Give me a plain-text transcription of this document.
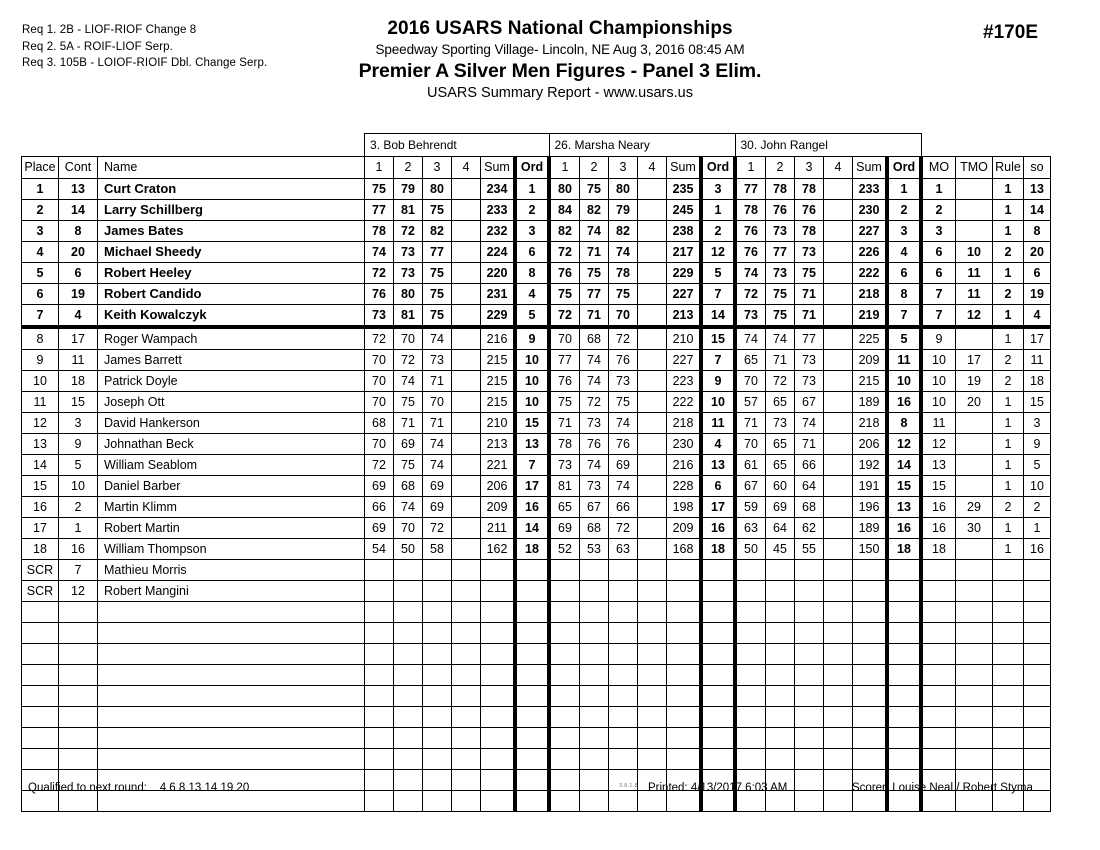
Req 1. 2B - LIOF-RIOF Change 8
Req 2. 5A - ROIF-LIOF Serp.
Req 3. 105B - LOIOF-RIOIF Dbl. Change Serp.
2016 USARS National Championships
Speedway Sporting Village- Lincoln, NE Aug 3, 2016 08:45 AM
Premier A Silver Men Figures - Panel 3 Elim.
USARS Summary Report - www.usars.us
#170E
			3. Bob Behrendt						26. Marsha Neary						30. John Rangel									
Place	Cont	Name	1	2	3	4	Sum	Ord	1	2	3	4	Sum	Ord	1	2	3	4	Sum	Ord	MO	TMO	Rule	so
1	13	Curt Craton	75	79	80		234	1	80	75	80		235	3	77	78	78		233	1	1		1	13
2	14	Larry Schillberg	77	81	75		233	2	84	82	79		245	1	78	76	76		230	2	2		1	14
3	8	James Bates	78	72	82		232	3	82	74	82		238	2	76	73	78		227	3	3		1	8
4	20	Michael Sheedy	74	73	77		224	6	72	71	74		217	12	76	77	73		226	4	6	10	2	20
5	6	Robert Heeley	72	73	75		220	8	76	75	78		229	5	74	73	75		222	6	6	11	1	6
6	19	Robert Candido	76	80	75		231	4	75	77	75		227	7	72	75	71		218	8	7	11	2	19
7	4	Keith Kowalczyk	73	81	75		229	5	72	71	70		213	14	73	75	71		219	7	7	12	1	4
8	17	Roger Wampach	72	70	74		216	9	70	68	72		210	15	74	74	77		225	5	9		1	17
9	11	James Barrett	70	72	73		215	10	77	74	76		227	7	65	71	73		209	11	10	17	2	11
10	18	Patrick Doyle	70	74	71		215	10	76	74	73		223	9	70	72	73		215	10	10	19	2	18
11	15	Joseph Ott	70	75	70		215	10	75	72	75		222	10	57	65	67		189	16	10	20	1	15
12	3	David Hankerson	68	71	71		210	15	71	73	74		218	11	71	73	74		218	8	11		1	3
13	9	Johnathan Beck	70	69	74		213	13	78	76	76		230	4	70	65	71		206	12	12		1	9
14	5	William Seablom	72	75	74		221	7	73	74	69		216	13	61	65	66		192	14	13		1	5
15	10	Daniel Barber	69	68	69		206	17	81	73	74		228	6	67	60	64		191	15	15		1	10
16	2	Martin Klimm	66	74	69		209	16	65	67	66		198	17	59	69	68		196	13	16	29	2	2
17	1	Robert Martin	69	70	72		211	14	69	68	72		209	16	63	64	62		189	16	16	30	1	1
18	16	William Thompson	54	50	58		162	18	52	53	63		168	18	50	45	55		150	18	18		1	16
SCR	7	Mathieu Morris																						
SCR	12	Robert Mangini																						

Qualified to next round: 4 6 8 13 14 19 20	3.8.1.8 Printed: 4/13/2017 6:03 AM	Scorer: Louise Neal / Robert Styma
